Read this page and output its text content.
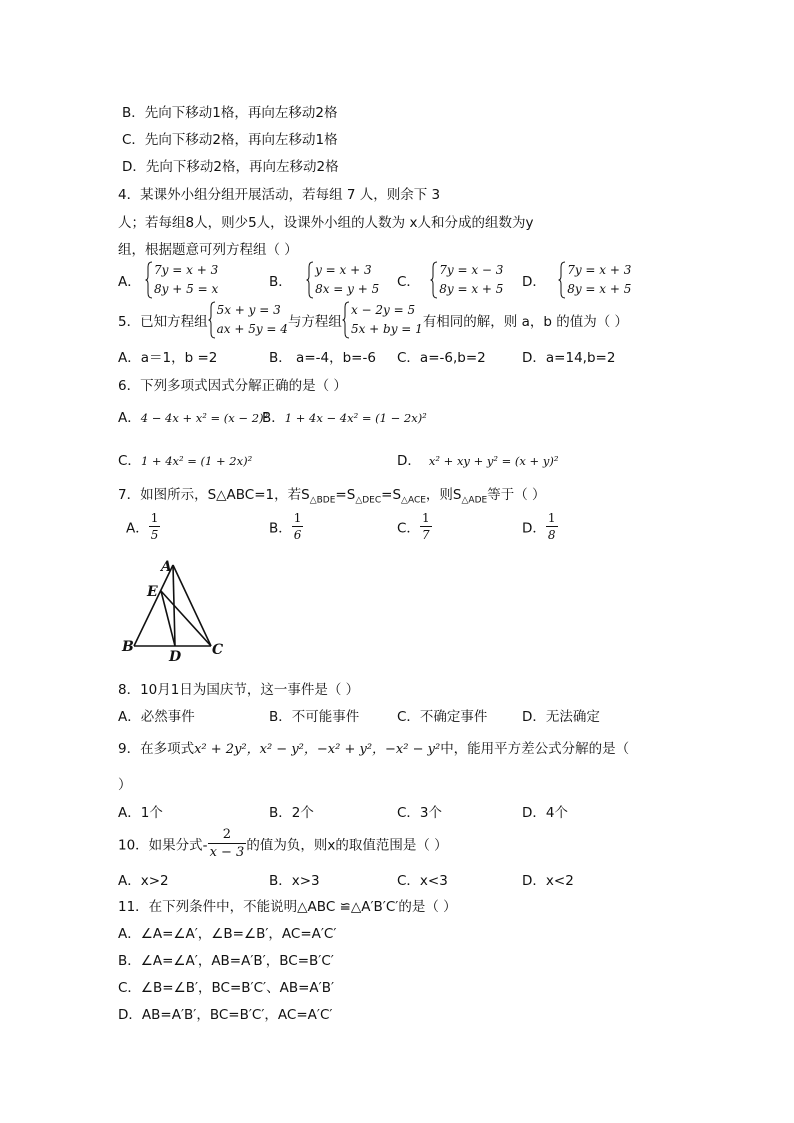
B．先向下移动1格，再向左移动2格
C．先向下移动2格，再向左移动1格
D．先向下移动2格，再向左移动2格
4．某课外小组分组开展活动，若每组 7 人，则余下 3
人；若每组8人，则少5人，设课外小组的人数为 x人和分成的组数为y
组，根据题意可列方程组（ ）
A．
7y = x + 3
8y + 5 = x	B．
y = x + 3
8x = y + 5 C．
7y = x − 3
8y = x + 5 D．
7y = x + 3
8y = x + 5
5．已知方程组
5x + y = 3
ax + 5y = 4 与方程组
x − 2y = 5
5x + by = 1 有相同的解，则 a，b 的值为（ ）
A．a＝1，b =2	B． a=-4，b=-6 C．a=-6,b=2	D．a=14,b=2
6．下列多项式因式分解正确的是（ ）
A．4 − 4x + x² = (x − 2)²
B．1 + 4x − 4x² = (1 − 2x)²
C．1 + 4x² = (1 + 2x)²	D． x² + xy + y² = (x + y)²
7．如图所示，S△ABC=1，若$S_{\triangle BDE}=S_{\triangle DEC}=S_{\triangle ACE}$，则$S_{\triangle ADE}$等于（ ）
A． $\frac{1}{5}$	B． $\frac{1}{6}$	C． $\frac{1}{7}$	D． $\frac{1}{8}$
A
E
B
D C
8．10月1日为国庆节，这一事件是（ ）
A．必然事件	B．不可能事件	C．不确定事件	D．无法确定
9．在多项式x² + 2y²，x² − y²，−x² + y²，−x² − y²中，能用平方差公式分解的是（
）
A．1个	B．2个	C．3个	D．4个
10．如果分式- $\frac{2}{x - 3}$ 的值为负，则x的取值范围是（ ）
A．x>2	B．x>3	C．x<3	D．x<2
11．在下列条件中，不能说明△ABC ≌△A′B′C′的是（ ）
A．∠A=∠A′，∠B=∠B′，AC=A′C′
B．∠A=∠A′，AB=A′B′，BC=B′C′
C．∠B=∠B′，BC=B′C′、AB=A′B′
D．AB=A′B′，BC=B′C′，AC=A′C′
